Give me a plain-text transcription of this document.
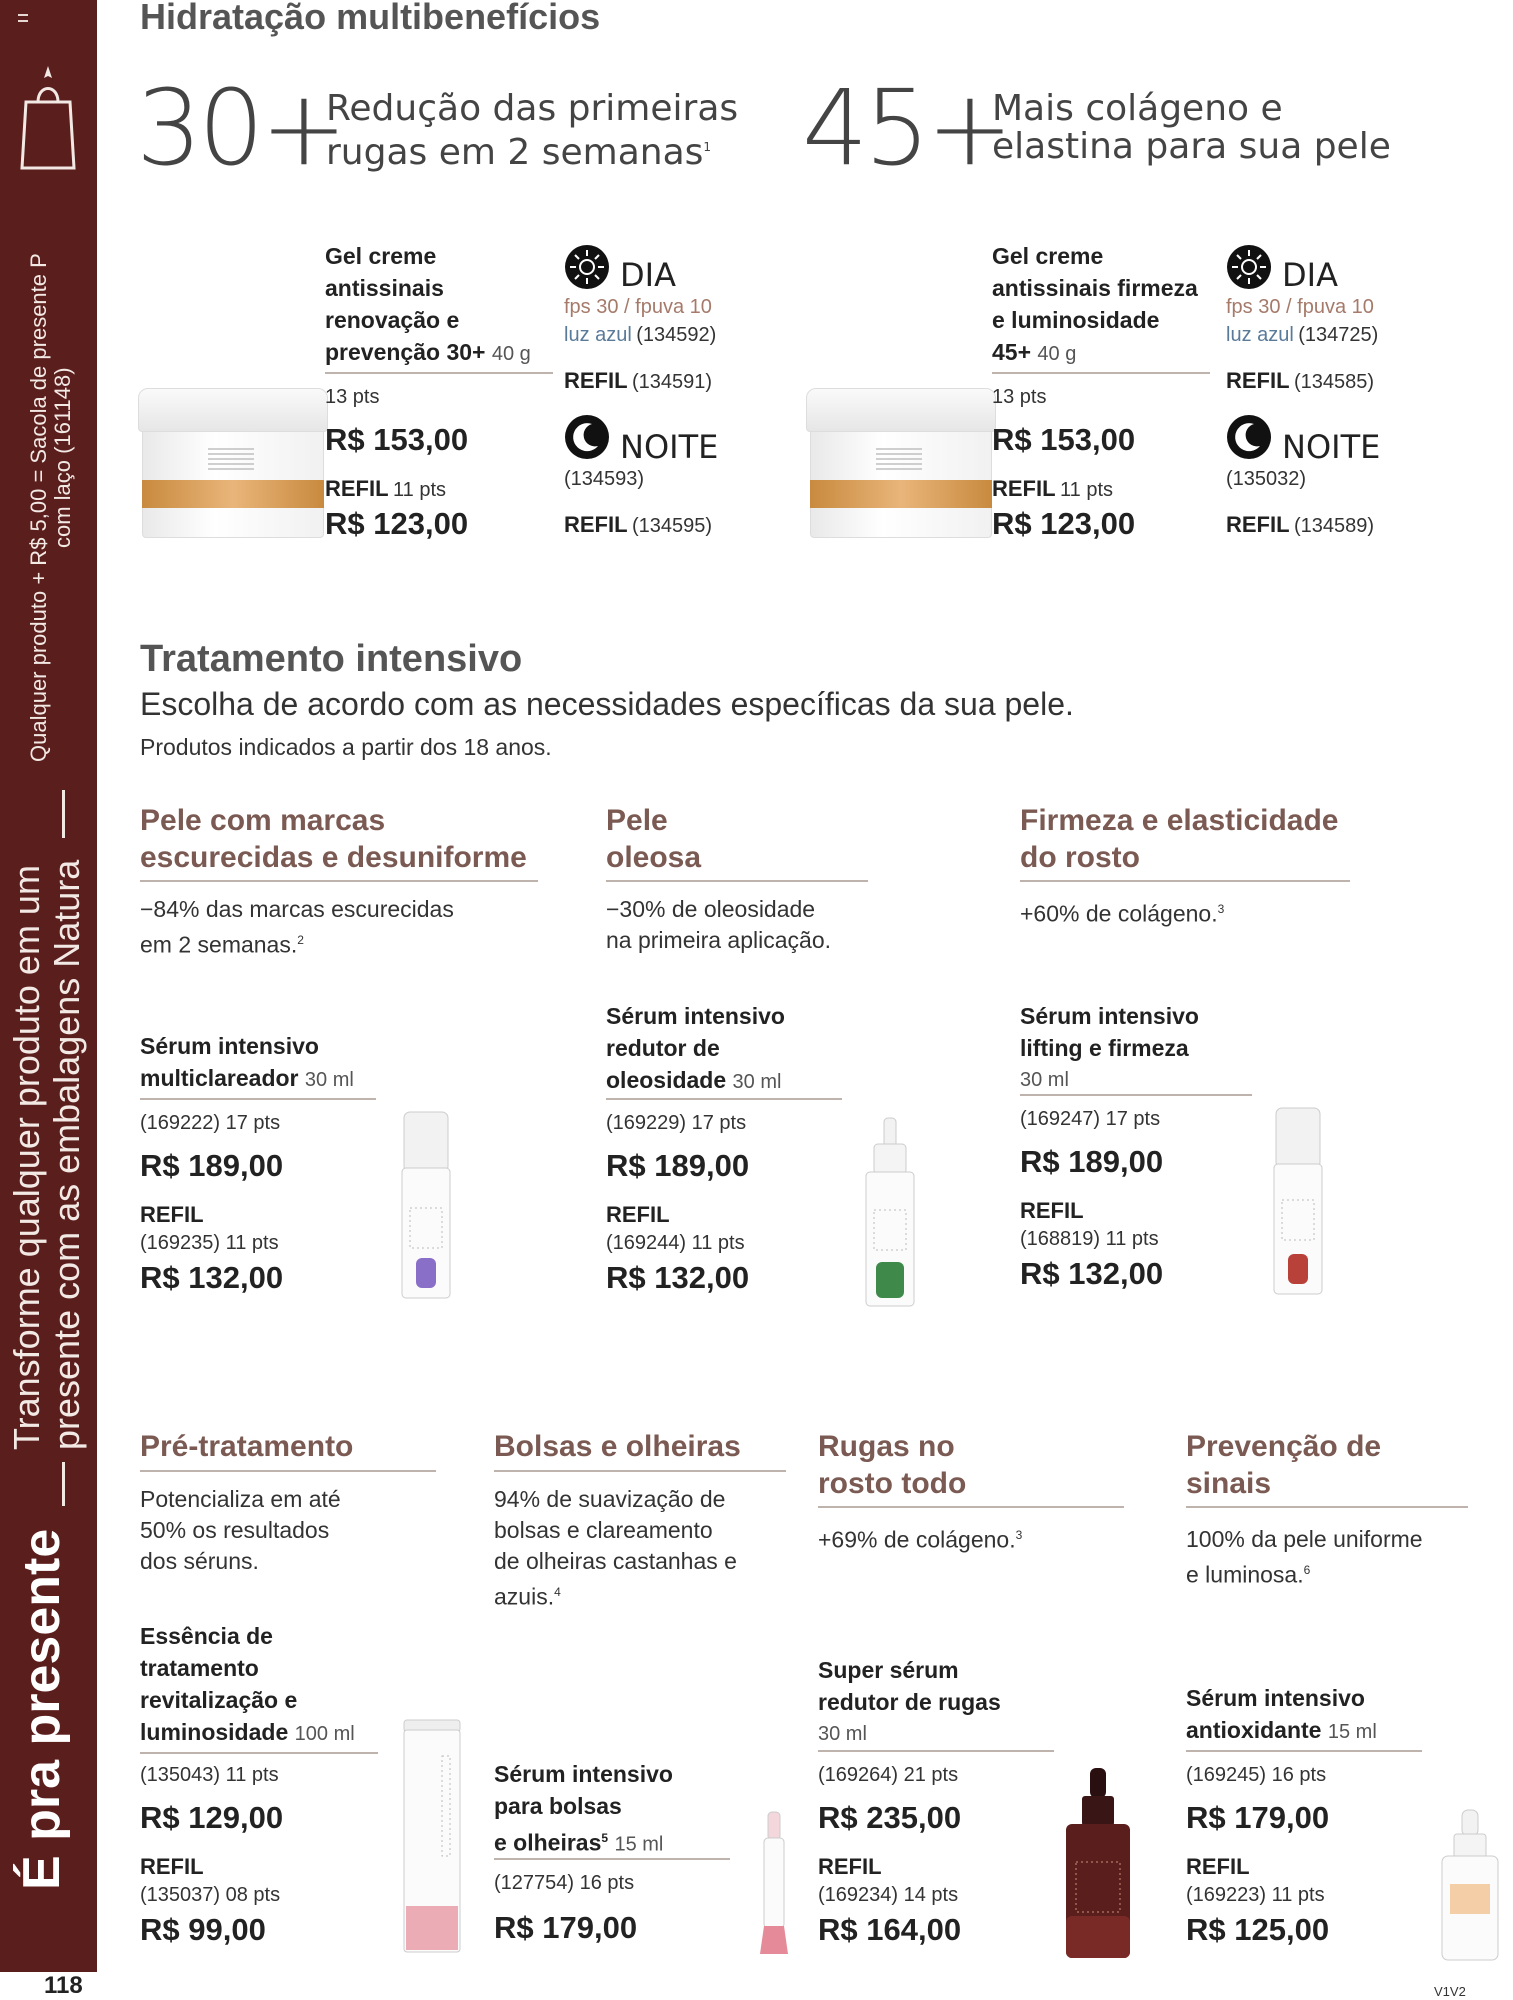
Qualquer produto + R$ 5,00 = Sacola de presente P com laço (161148)
Transforme qualquer produto em um presente com as embalagens Natura
É pra presente
118	V1V2
Hidratação multibenefícios
30+
Redução das primeiras
rugas em 2 semanas$^1$ 45+
Mais colágeno e
elastina para sua pele
Gel creme
antissinais
renovação e
prevenção 30+ 40 g
13 pts
R$ 153,00
REFIL 11 pts
R$ 123,00
DIA
fps 30 / fpuva 10
luz azul (134592)
REFIL (134591)
NOITE
(134593)
REFIL (134595)
Gel creme
antissinais firmeza
e luminosidade
45+ 40 g
13 pts
R$ 153,00
REFIL 11 pts
R$ 123,00
DIA
fps 30 / fpuva 10
luz azul (134725)
REFIL (134585)
NOITE
(135032)
REFIL (134589)
Tratamento intensivo
Escolha de acordo com as necessidades específicas da sua pele.
Produtos indicados a partir dos 18 anos.
Pele com marcas
escurecidas e desuniforme
−84% das marcas escurecidas
em 2 semanas.$^2$
Sérum intensivo
multiclareador 30 ml
(169222) 17 pts
R$ 189,00
REFIL
(169235) 11 pts
R$ 132,00
Pele
oleosa
−30% de oleosidade
na primeira aplicação.
Sérum intensivo
redutor de
oleosidade 30 ml
(169229) 17 pts
R$ 189,00
REFIL
(169244) 11 pts
R$ 132,00
Firmeza e elasticidade
do rosto
+60% de colágeno.$^3$
Sérum intensivo
lifting e firmeza
30 ml
(169247) 17 pts
R$ 189,00
REFIL
(168819) 11 pts
R$ 132,00
Pré-tratamento
Potencializa em até
50% os resultados
dos séruns.
Essência de
tratamento
revitalização e
luminosidade 100 ml
(135043) 11 pts
R$ 129,00
REFIL
(135037) 08 pts
R$ 99,00
Bolsas e olheiras
94% de suavização de
bolsas e clareamento
de olheiras castanhas e
azuis.$^4$
Sérum intensivo
para bolsas
e olheiras$^5$ 15 ml
(127754) 16 pts
R$ 179,00
Rugas no
rosto todo
+69% de colágeno.$^3$
Super sérum
redutor de rugas
30 ml
(169264) 21 pts
R$ 235,00
REFIL
(169234) 14 pts
R$ 164,00
Prevenção de
sinais
100% da pele uniforme
e luminosa.$^6$
Sérum intensivo
antioxidante 15 ml
(169245) 16 pts
R$ 179,00
REFIL
(169223) 11 pts
R$ 125,00
